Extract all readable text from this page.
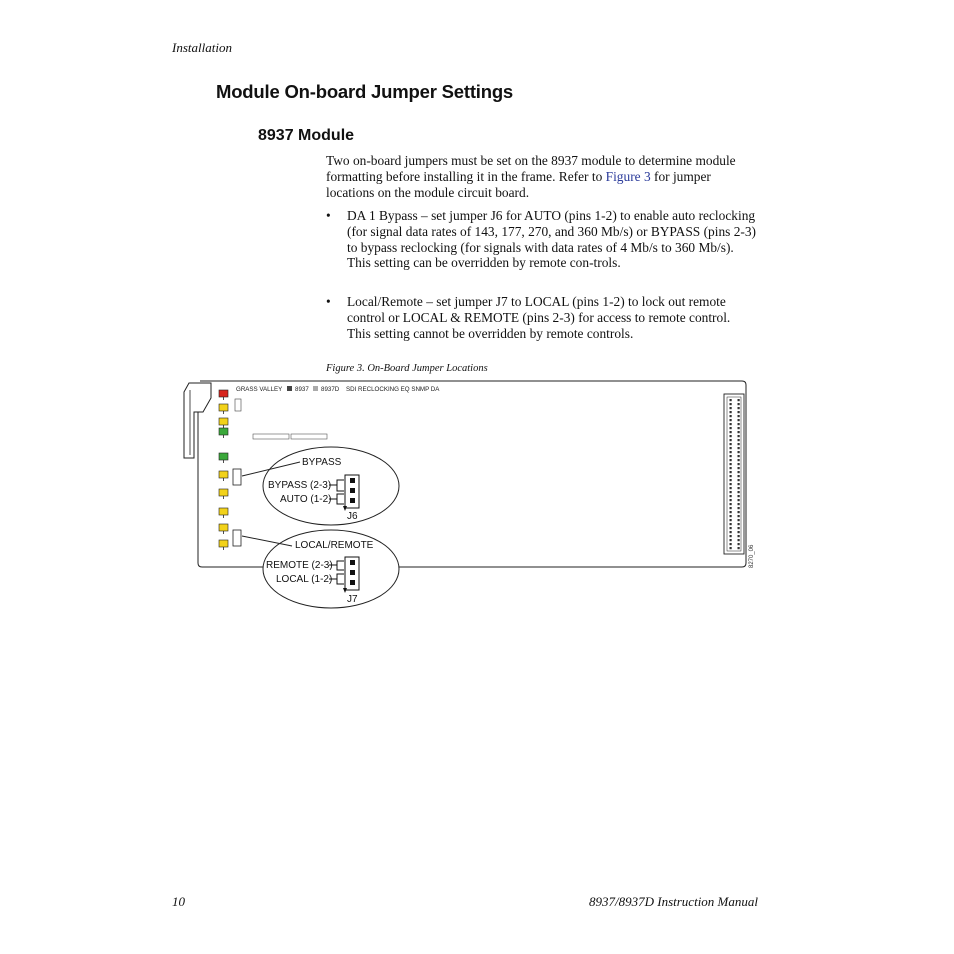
Installation
Module On-board Jumper Settings
8937 Module
Two on-board jumpers must be set on the 8937 module to determine module formatting before installing it in the frame. Refer to Figure 3 for jumper locations on the module circuit board.
• DA 1 Bypass – set jumper J6 for AUTO (pins 1-2) to enable auto reclocking (for signal data rates of 143, 177, 270, and 360 Mb/s) or BYPASS (pins 2-3) to bypass reclocking (for signals with data rates of 4 Mb/s to 360 Mb/s). This setting can be overridden by remote con-trols.
• Local/Remote – set jumper J7 to LOCAL (pins 1-2) to lock out remote control or LOCAL & REMOTE (pins 2-3) for access to remote control. This setting cannot be overridden by remote controls.
Figure 3. On-Board Jumper Locations
GRASS VALLEY 8937 8937D SDI RECLOCKING EQ SNMP DA
8270_06
BYPASS
BYPASS (2-3)
AUTO (1-2)
J6
LOCAL/REMOTE
REMOTE (2-3)
LOCAL (1-2)
J7
10	8937/8937D Instruction Manual
